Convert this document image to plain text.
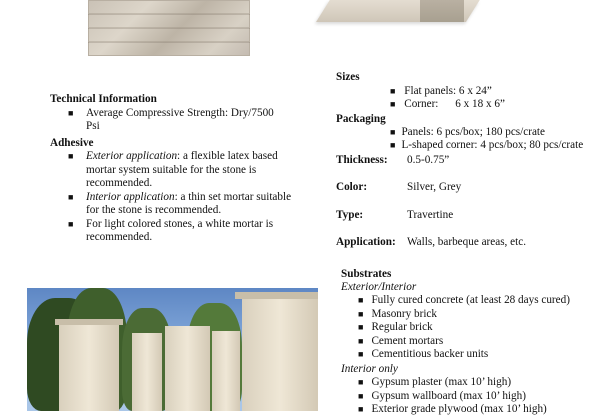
Technical Information
■ Average Compressive Strength: Dry/7500 Psi
Adhesive
■ Exterior application: a flexible latex based mortar system suitable for the stone is recommended.
■ Interior application: a thin set mortar suitable for the stone is recommended.
■ For light colored stones, a white mortar is recommended.
Sizes
■ Flat panels: 6 x 24”
■ Corner: 6 x 18 x 6”
Packaging
■ Panels: 6 pcs/box; 180 pcs/crate
■ L-shaped corner: 4 pcs/box; 80 pcs/crate
Thickness: 0.5-0.75”
Color:	Silver, Grey
Type:	Travertine
Application: Walls, barbeque areas, etc.
Substrates
Exterior/Interior
■ Fully cured concrete (at least 28 days cured)
■ Masonry brick
■ Regular brick
■ Cement mortars
■ Cementitious backer units
Interior only
■ Gypsum plaster (max 10’ high)
■ Gypsum wallboard (max 10’ high)
■ Exterior grade plywood (max 10’ high)
